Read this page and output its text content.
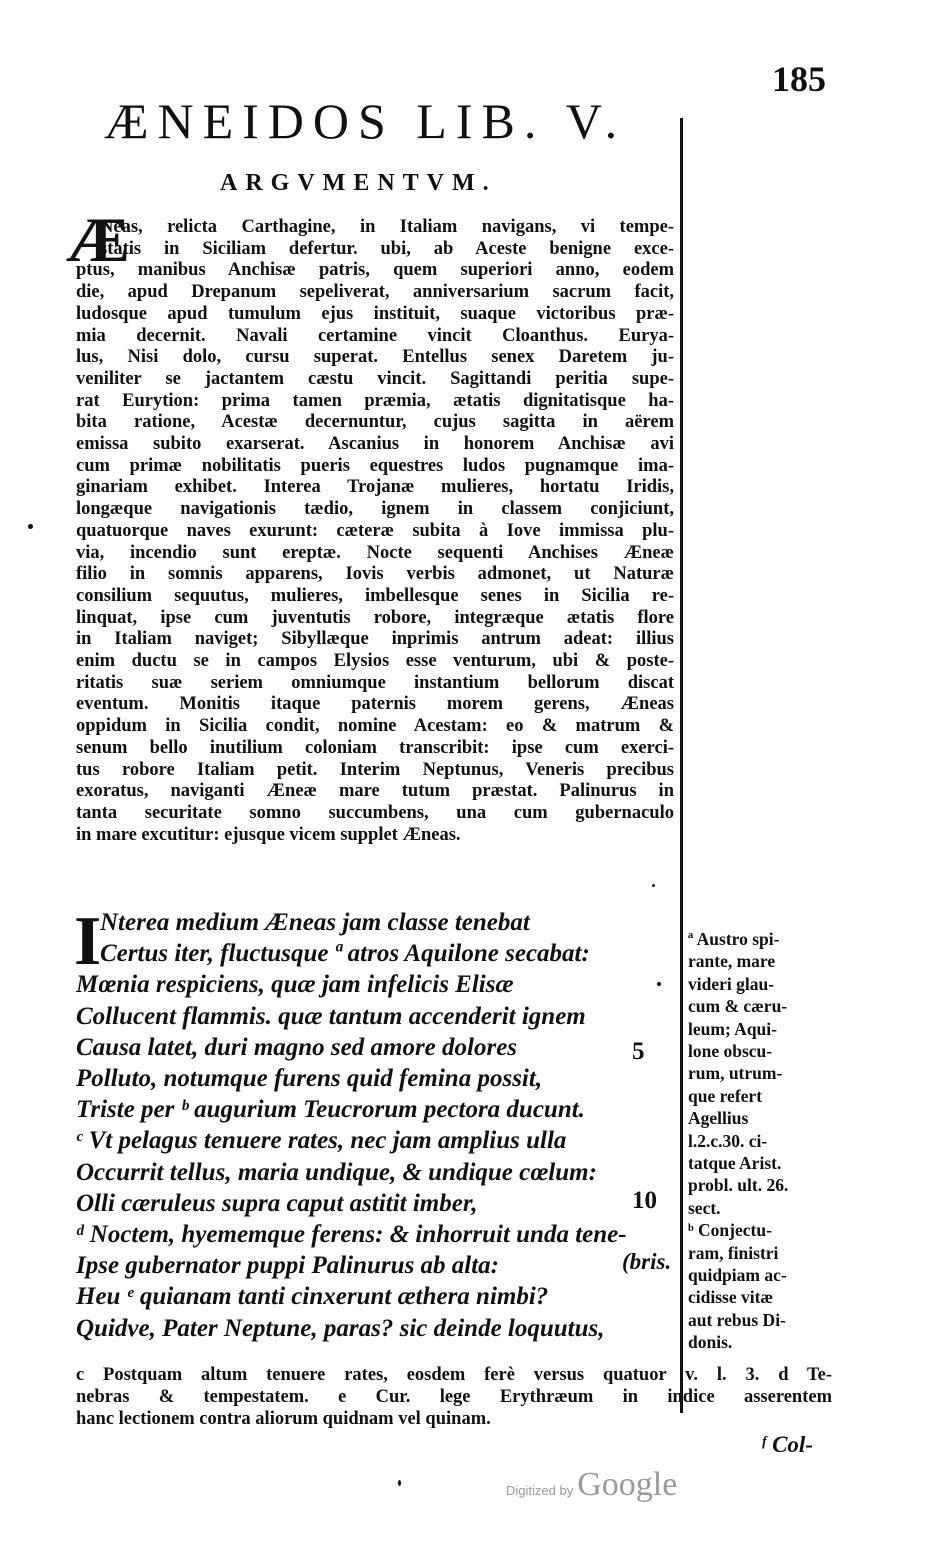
185
ÆNEIDOS LIB. V.
ARGVMENTVM.
Æ
Neas, relicta Carthagine, in Italiam navigans, vi tempe-
statis in Siciliam defertur. ubi, ab Aceste benigne exce-
ptus, manibus Anchisæ patris, quem superiori anno, eodem
die, apud Drepanum sepeliverat, anniversarium sacrum facit,
ludosque apud tumulum ejus instituit, suaque victoribus præ-
mia decernit. Navali certamine vincit Cloanthus. Eurya-
lus, Nisi dolo, cursu superat. Entellus senex Daretem ju-
veniliter se jactantem cæstu vincit. Sagittandi peritia supe-
rat Eurytion: prima tamen præmia, ætatis dignitatisque ha-
bita ratione, Acestæ decernuntur, cujus sagitta in aërem
emissa subito exarserat. Ascanius in honorem Anchisæ avi
cum primæ nobilitatis pueris equestres ludos pugnamque ima-
ginariam exhibet. Interea Trojanæ mulieres, hortatu Iridis,
longæque navigationis tædio, ignem in classem conjiciunt,
quatuorque naves exurunt: cæteræ subita à Iove immissa plu-
via, incendio sunt ereptæ. Nocte sequenti Anchises Æneæ
filio in somnis apparens, Iovis verbis admonet, ut Naturæ
consilium sequutus, mulieres, imbellesque senes in Sicilia re-
linquat, ipse cum juventutis robore, integræque ætatis flore
in Italiam naviget; Sibyllæque inprimis antrum adeat: illius
enim ductu se in campos Elysios esse venturum, ubi & poste-
ritatis suæ seriem omniumque instantium bellorum discat
eventum. Monitis itaque paternis morem gerens, Æneas
oppidum in Sicilia condit, nomine Acestam: eo & matrum &
senum bello inutilium coloniam transcribit: ipse cum exerci-
tus robore Italiam petit. Interim Neptunus, Veneris precibus
exoratus, naviganti Æneæ mare tutum præstat. Palinurus in
tanta securitate somno succumbens, una cum gubernaculo
in mare excutitur: ejusque vicem supplet Æneas.
I
Nterea medium Æneas jam classe tenebat
Certus iter, fluctusque ª atros Aquilone secabat:
Mœnia respiciens, quæ jam infelicis Elisæ
Collucent flammis. quæ tantum accenderit ignem
Causa latet, duri magno sed amore dolores
Polluto, notumque furens quid femina possit,
Triste per ᵇ augurium Teucrorum pectora ducunt.
ᶜ Vt pelagus tenuere rates, nec jam amplius ulla
Occurrit tellus, maria undique, & undique cœlum:
Olli cæruleus supra caput astitit imber,
ᵈ Noctem, hyememque ferens: & inhorruit unda tene-
Ipse gubernator puppi Palinurus ab alta:
Heu ᵉ quianam tanti cinxerunt æthera nimbi?
Quidve, Pater Neptune, paras? sic deinde loquutus,
5
10
(bris.
ª Austro spi-
rante, mare
videri glau-
cum & cæru-
leum; Aqui-
lone obscu-
rum, utrum-
que refert
Agellius
l.2.c.30. ci-
tatque Arist.
probl. ult. 26.
sect.
ᵇ Conjectu-
ram, finistri
quidpiam ac-
cidisse vitæ
aut rebus Di-
donis.
c Postquam altum tenuere rates, eosdem ferè versus quatuor v. l. 3. d Te-
nebras & tempestatem. e Cur. lege Erythræum in indice asserentem
hanc lectionem contra aliorum quidnam vel quinam.
ᶠ Col-
Digitized by Google
